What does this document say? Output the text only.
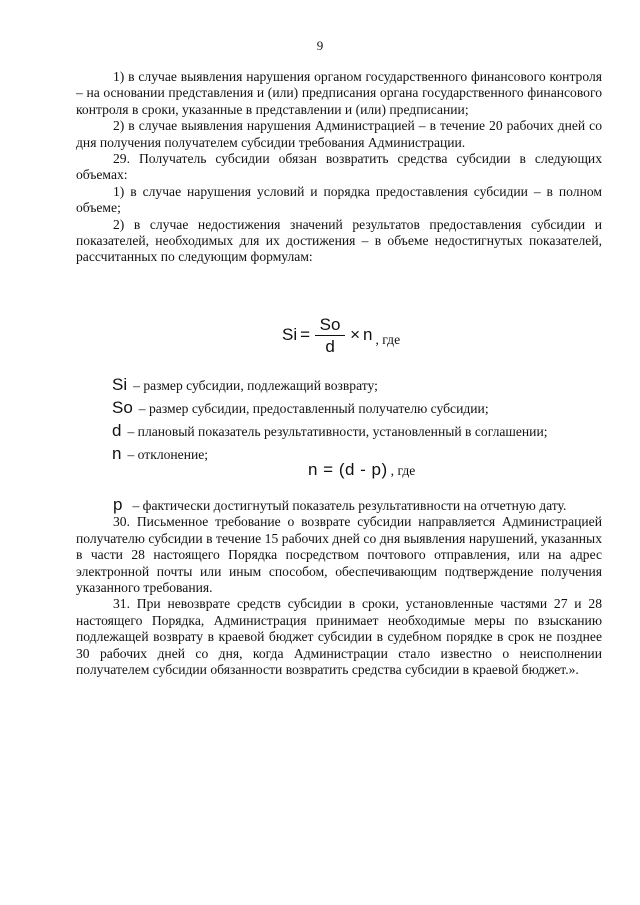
9

1) в случае выявления нарушения органом государственного финансового контроля – на основании представления и (или) предписания органа государственного финансового контроля в сроки, указанные в представлении и (или) предписании;

2) в случае выявления нарушения Администрацией – в течение 20 рабочих дней со дня получения получателем субсидии требования Администрации.

29. Получатель субсидии обязан возвратить средства субсидии в следующих объемах:

1) в случае нарушения условий и порядка предоставления субсидии – в полном объеме;

2) в случае недостижения значений результатов предоставления субсидии и показателей, необходимых для их достижения – в объеме недостигнутых показателей, рассчитанных по следующим формулам:

$Si = \frac{So}{d} \times n$ , где
Si – размер субсидии, подлежащий возврату;
So – размер субсидии, предоставленный получателю субсидии;
d – плановый показатель результативности, установленный в соглашении;
n – отклонение;
n = (d - p) , где

p – фактически достигнутый показатель результативности на отчетную дату.

30. Письменное требование о возврате субсидии направляется Администрацией получателю субсидии в течение 15 рабочих дней со дня выявления нарушений, указанных в части 28 настоящего Порядка посредством почтового отправления, или на адрес электронной почты или иным способом, обеспечивающим подтверждение получения указанного требования.

31. При невозврате средств субсидии в сроки, установленные частями 27 и 28 настоящего Порядка, Администрация принимает необходимые меры по взысканию подлежащей возврату в краевой бюджет субсидии в судебном порядке в срок не позднее 30 рабочих дней со дня, когда Администрации стало известно о неисполнении получателем субсидии обязанности возвратить средства субсидии в краевой бюджет.».
